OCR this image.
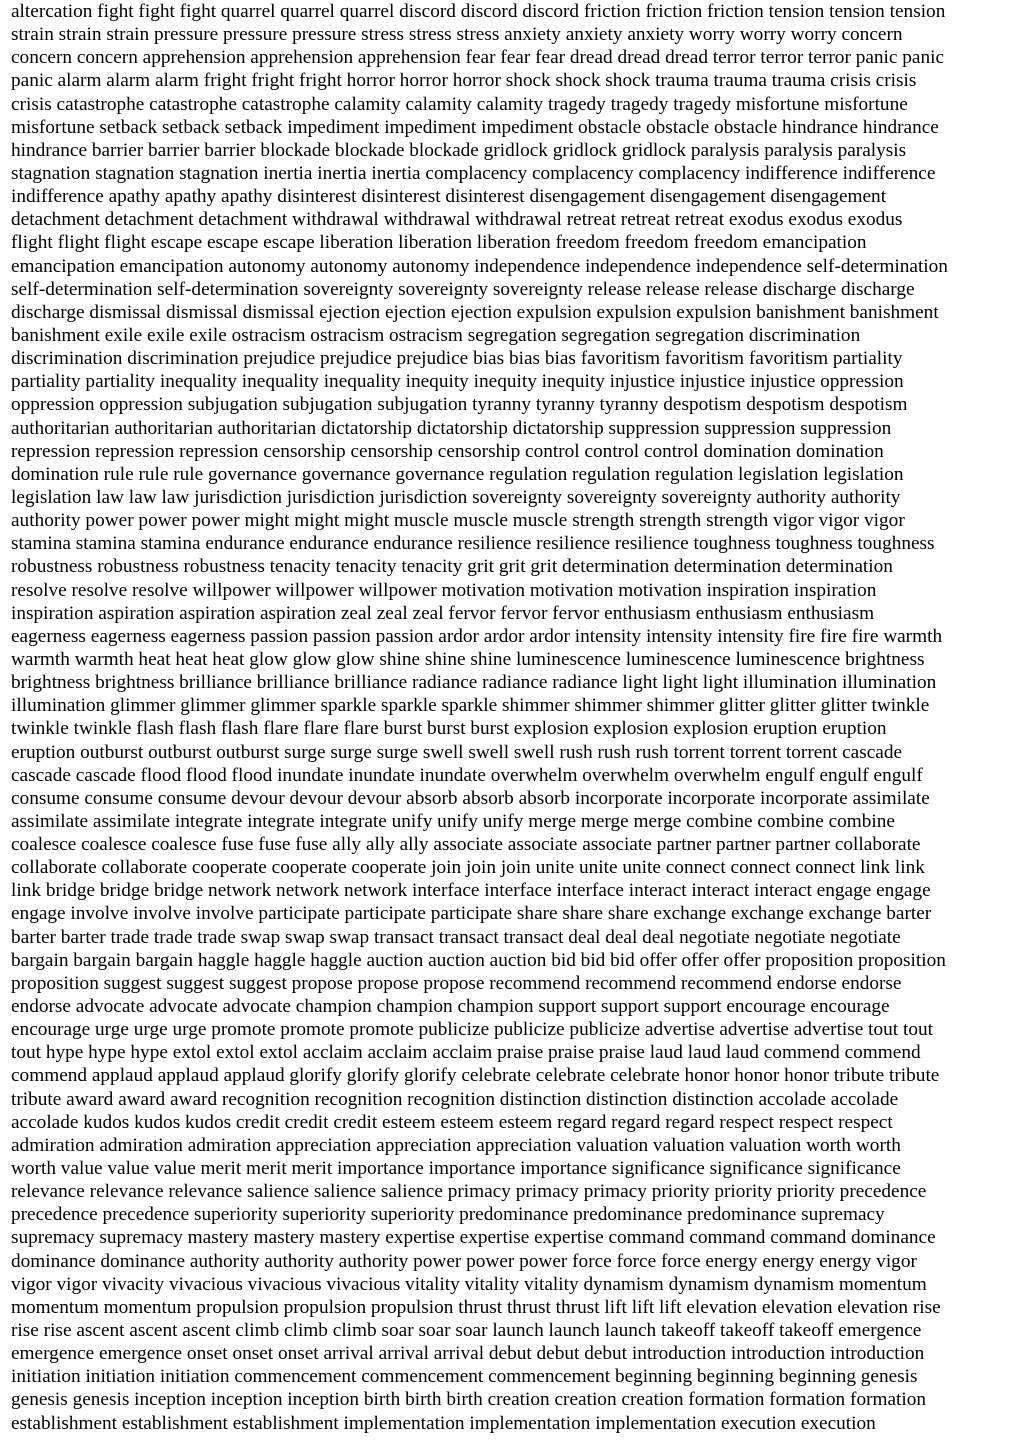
altercation fight fight fight quarrel quarrel quarrel discord discord discord friction friction friction tension tension tension
strain strain strain pressure pressure pressure stress stress stress anxiety anxiety anxiety worry worry worry concern
concern concern apprehension apprehension apprehension fear fear fear dread dread dread terror terror terror panic panic
panic alarm alarm alarm fright fright fright horror horror horror shock shock shock trauma trauma trauma crisis crisis
crisis catastrophe catastrophe catastrophe calamity calamity calamity tragedy tragedy tragedy misfortune misfortune
misfortune setback setback setback impediment impediment impediment obstacle obstacle obstacle hindrance hindrance
hindrance barrier barrier barrier blockade blockade blockade gridlock gridlock gridlock paralysis paralysis paralysis
stagnation stagnation stagnation inertia inertia inertia complacency complacency complacency indifference indifference
indifference apathy apathy apathy disinterest disinterest disinterest disengagement disengagement disengagement
detachment detachment detachment withdrawal withdrawal withdrawal retreat retreat retreat exodus exodus exodus
flight flight flight escape escape escape liberation liberation liberation freedom freedom freedom emancipation
emancipation emancipation autonomy autonomy autonomy independence independence independence self-determination
self-determination self-determination sovereignty sovereignty sovereignty release release release discharge discharge
discharge dismissal dismissal dismissal ejection ejection ejection expulsion expulsion expulsion banishment banishment
banishment exile exile exile ostracism ostracism ostracism segregation segregation segregation discrimination
discrimination discrimination prejudice prejudice prejudice bias bias bias favoritism favoritism favoritism partiality
partiality partiality inequality inequality inequality inequity inequity inequity injustice injustice injustice oppression
oppression oppression subjugation subjugation subjugation tyranny tyranny tyranny despotism despotism despotism
authoritarian authoritarian authoritarian dictatorship dictatorship dictatorship suppression suppression suppression
repression repression repression censorship censorship censorship control control control domination domination
domination rule rule rule governance governance governance regulation regulation regulation legislation legislation
legislation law law law jurisdiction jurisdiction jurisdiction sovereignty sovereignty sovereignty authority authority
authority power power power might might might muscle muscle muscle strength strength strength vigor vigor vigor
stamina stamina stamina endurance endurance endurance resilience resilience resilience toughness toughness toughness
robustness robustness robustness tenacity tenacity tenacity grit grit grit determination determination determination
resolve resolve resolve willpower willpower willpower motivation motivation motivation inspiration inspiration
inspiration aspiration aspiration aspiration zeal zeal zeal fervor fervor fervor enthusiasm enthusiasm enthusiasm
eagerness eagerness eagerness passion passion passion ardor ardor ardor intensity intensity intensity fire fire fire warmth
warmth warmth heat heat heat glow glow glow shine shine shine luminescence luminescence luminescence brightness
brightness brightness brilliance brilliance brilliance radiance radiance radiance light light light illumination illumination
illumination glimmer glimmer glimmer sparkle sparkle sparkle shimmer shimmer shimmer glitter glitter glitter twinkle
twinkle twinkle flash flash flash flare flare flare burst burst burst explosion explosion explosion eruption eruption
eruption outburst outburst outburst surge surge surge swell swell swell rush rush rush torrent torrent torrent cascade
cascade cascade flood flood flood inundate inundate inundate overwhelm overwhelm overwhelm engulf engulf engulf
consume consume consume devour devour devour absorb absorb absorb incorporate incorporate incorporate assimilate
assimilate assimilate integrate integrate integrate unify unify unify merge merge merge combine combine combine
coalesce coalesce coalesce fuse fuse fuse ally ally ally associate associate associate partner partner partner collaborate
collaborate collaborate cooperate cooperate cooperate join join join unite unite unite connect connect connect link link
link bridge bridge bridge network network network interface interface interface interact interact interact engage engage
engage involve involve involve participate participate participate share share share exchange exchange exchange barter
barter barter trade trade trade swap swap swap transact transact transact deal deal deal negotiate negotiate negotiate
bargain bargain bargain haggle haggle haggle auction auction auction bid bid bid offer offer offer proposition proposition
proposition suggest suggest suggest propose propose propose recommend recommend recommend endorse endorse
endorse advocate advocate advocate champion champion champion support support support encourage encourage
encourage urge urge urge promote promote promote publicize publicize publicize advertise advertise advertise tout tout
tout hype hype hype extol extol extol acclaim acclaim acclaim praise praise praise laud laud laud commend commend
commend applaud applaud applaud glorify glorify glorify celebrate celebrate celebrate honor honor honor tribute tribute
tribute award award award recognition recognition recognition distinction distinction distinction accolade accolade
accolade kudos kudos kudos credit credit credit esteem esteem esteem regard regard regard respect respect respect
admiration admiration admiration appreciation appreciation appreciation valuation valuation valuation worth worth
worth value value value merit merit merit importance importance importance significance significance significance
relevance relevance relevance salience salience salience primacy primacy primacy priority priority priority precedence
precedence precedence superiority superiority superiority predominance predominance predominance supremacy
supremacy supremacy mastery mastery mastery expertise expertise expertise command command command dominance
dominance dominance authority authority authority power power power force force force energy energy energy vigor
vigor vigor vivacity vivacious vivacious vivacious vitality vitality vitality dynamism dynamism dynamism momentum
momentum momentum propulsion propulsion propulsion thrust thrust thrust lift lift lift elevation elevation elevation rise
rise rise ascent ascent ascent climb climb climb soar soar soar launch launch launch takeoff takeoff takeoff emergence
emergence emergence onset onset onset arrival arrival arrival debut debut debut introduction introduction introduction
initiation initiation initiation commencement commencement commencement beginning beginning beginning genesis
genesis genesis inception inception inception birth birth birth creation creation creation formation formation formation
establishment establishment establishment implementation implementation implementation execution execution
